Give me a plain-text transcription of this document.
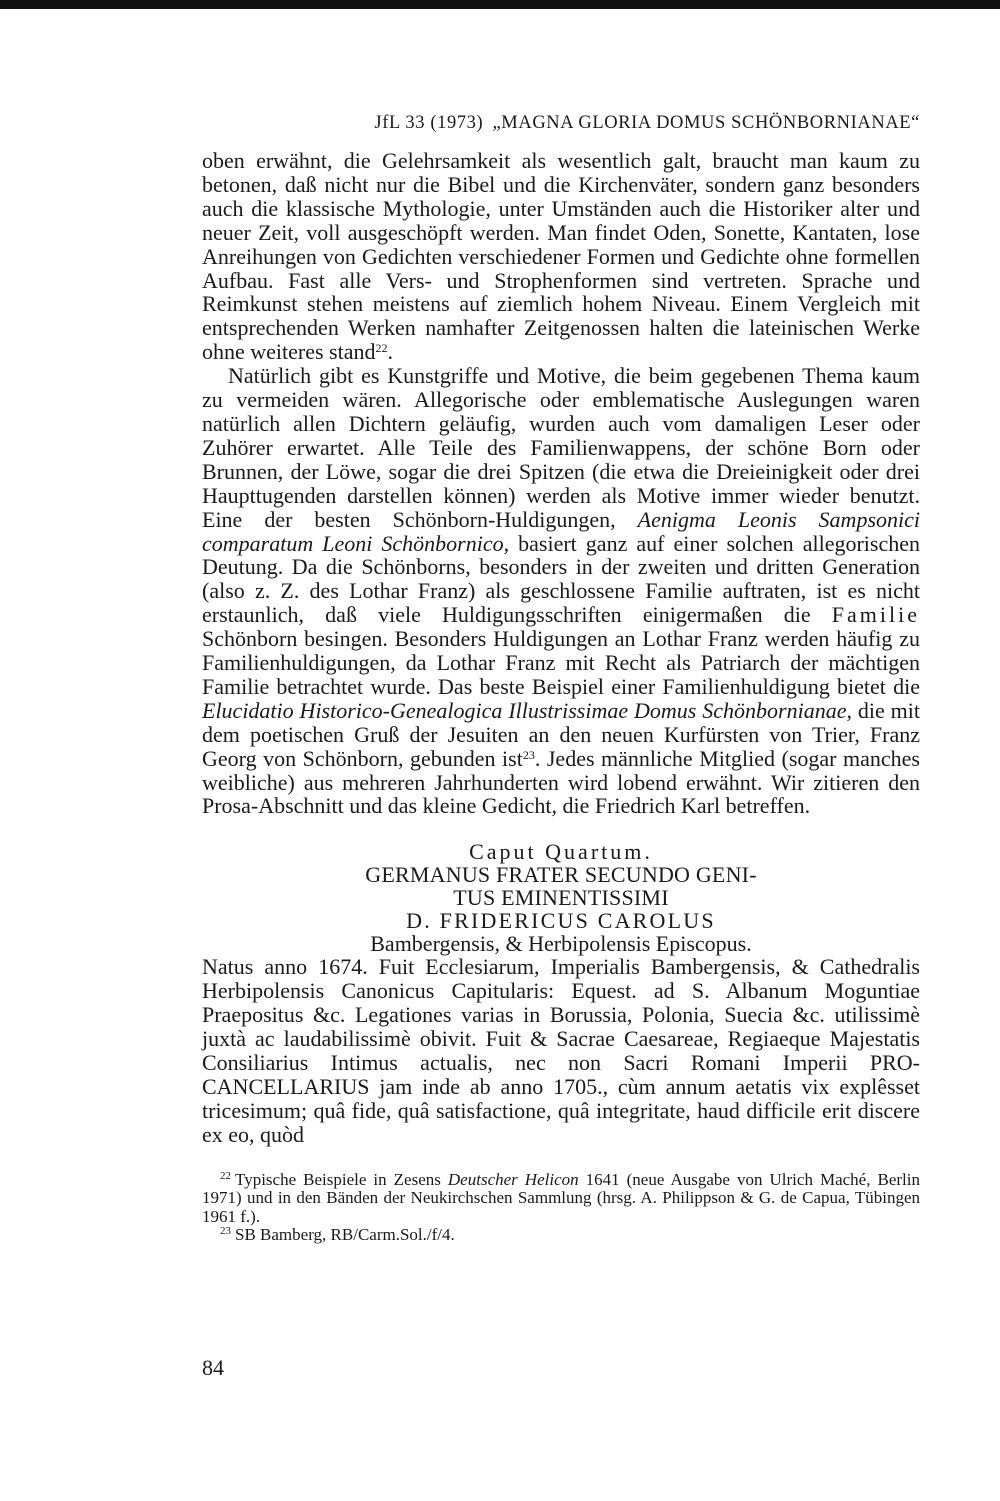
JfL 33 (1973) „MAGNA GLORIA DOMUS SCHÖNBORNIANAE“

oben erwähnt, die Gelehrsamkeit als wesentlich galt, braucht man kaum zu betonen, daß nicht nur die Bibel und die Kirchenväter, sondern ganz besonders auch die klassische Mythologie, unter Umständen auch die Historiker alter und neuer Zeit, voll ausgeschöpft werden. Man findet Oden, Sonette, Kantaten, lose Anreihungen von Gedichten verschiedener Formen und Gedichte ohne formellen Aufbau. Fast alle Vers- und Strophenformen sind vertreten. Sprache und Reimkunst stehen meistens auf ziemlich hohem Niveau. Einem Vergleich mit entsprechenden Werken namhafter Zeitgenossen halten die lateinischen Werke ohne weiteres stand$^{22}$.

Natürlich gibt es Kunstgriffe und Motive, die beim gegebenen Thema kaum zu vermeiden wären. Allegorische oder emblematische Auslegungen waren natürlich allen Dichtern geläufig, wurden auch vom damaligen Leser oder Zuhörer erwartet. Alle Teile des Familienwappens, der schöne Born oder Brunnen, der Löwe, sogar die drei Spitzen (die etwa die Dreieinigkeit oder drei Haupttugenden darstellen können) werden als Motive immer wieder benutzt. Eine der besten Schönborn-Huldigungen, Aenigma Leonis Sampsonici comparatum Leoni Schönbornico, basiert ganz auf einer solchen allegorischen Deutung. Da die Schönborns, besonders in der zweiten und dritten Generation (also z. Z. des Lothar Franz) als geschlossene Familie auftraten, ist es nicht erstaunlich, daß viele Huldigungsschriften einigermaßen die Familie Schönborn besingen. Besonders Huldigungen an Lothar Franz werden häufig zu Familienhuldigungen, da Lothar Franz mit Recht als Patriarch der mächtigen Familie betrachtet wurde. Das beste Beispiel einer Familienhuldigung bietet die Elucidatio Historico-Genealogica Illustrissimae Domus Schönbornianae, die mit dem poetischen Gruß der Jesuiten an den neuen Kurfürsten von Trier, Franz Georg von Schönborn, gebunden ist$^{23}$. Jedes männliche Mitglied (sogar manches weibliche) aus mehreren Jahrhunderten wird lobend erwähnt. Wir zitieren den Prosa-Abschnitt und das kleine Gedicht, die Friedrich Karl betreffen.

Caput Quartum.
GERMANUS FRATER SECUNDO GENI-
TUS EMINENTISSIMI
D. FRIDERICUS CAROLUS
Bambergensis, & Herbipolensis Episcopus.
Natus anno 1674. Fuit Ecclesiarum, Imperialis Bambergensis, & Cathedralis Herbipolensis Canonicus Capitularis: Equest. ad S. Albanum Moguntiae Praepositus &c. Legationes varias in Borussia, Polonia, Suecia &c. utilissimè juxtà ac laudabilissimè obivit. Fuit & Sacrae Caesareae, Regiaeque Majestatis Consiliarius Intimus actualis, nec non Sacri Romani Imperii PRO-CANCELLARIUS jam inde ab anno 1705., cùm annum aetatis vix explêsset tricesimum; quâ fide, quâ satisfactione, quâ integritate, haud difficile erit discere ex eo, quòd
$^{22}$ Typische Beispiele in Zesens Deutscher Helicon 1641 (neue Ausgabe von Ulrich Maché, Berlin 1971) und in den Bänden der Neukirchschen Sammlung (hrsg. A. Philippson & G. de Capua, Tübingen 1961 f.).
$^{23}$ SB Bamberg, RB/Carm.Sol./f/4.
84
